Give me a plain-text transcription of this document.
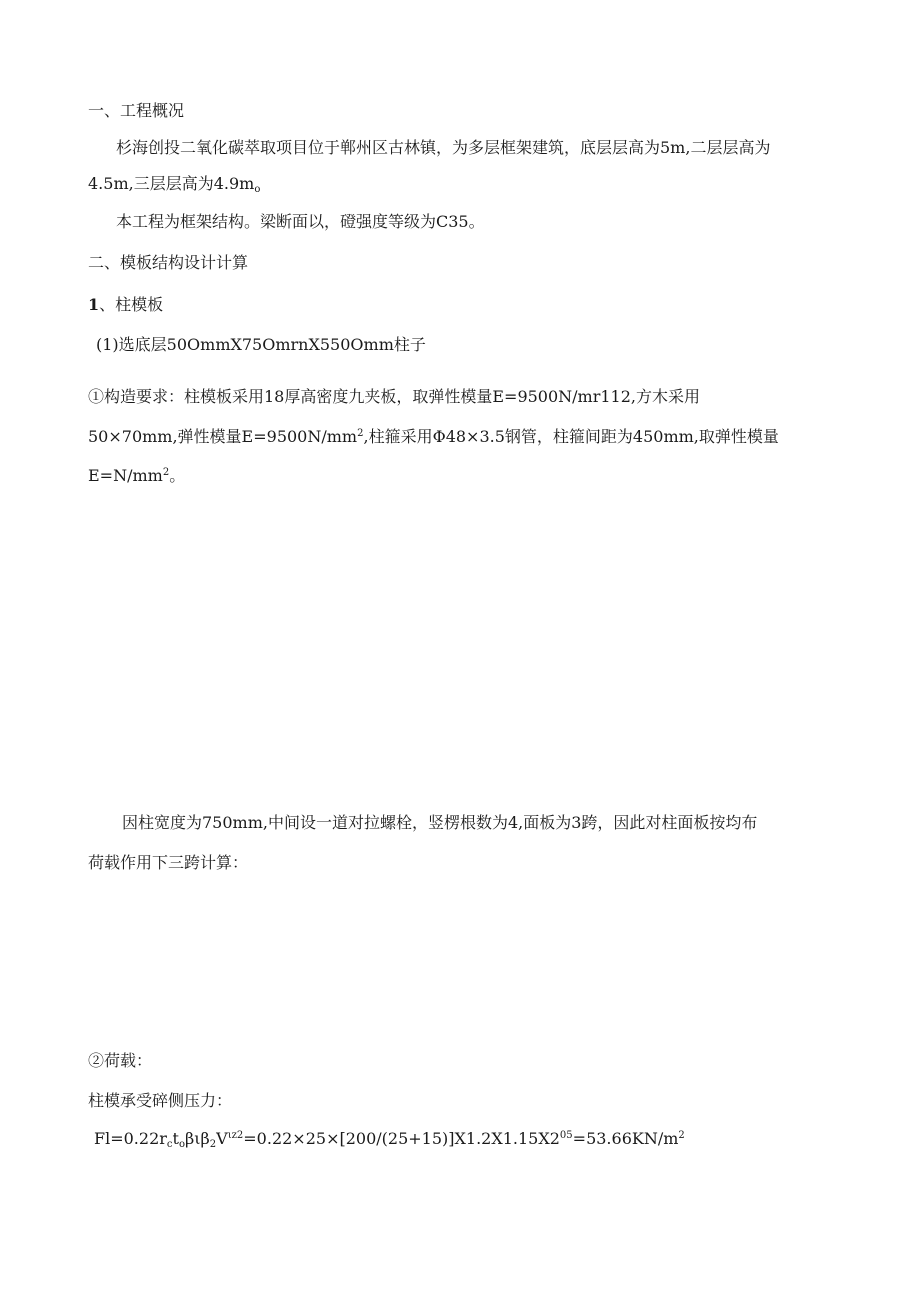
一、工程概况
杉海创投二氧化碳萃取项目位于郸州区古林镇，为多层框架建筑，底层层高为5m,二层层高为
4.5m,三层层高为$4.9m_o$
本工程为框架结构。梁断面以，磴强度等级为C35。
二、模板结构设计计算
1、柱模板
(1)选底层50OmmX75OmrnX550Omm柱子
①构造要求：柱模板采用18厚高密度九夹板，取弹性模量E=9500N∕mr112,方木采用
50×70mm,弹性模量$E=9500N∕mm^2$,柱箍采用Φ48×3.5钢管，柱箍间距为450mm,取弹性模量
$E=N/mm^2$。
因柱宽度为750mm,中间设一道对拉螺栓，竖楞根数为4,面板为3跨，因此对柱面板按均布
荷载作用下三跨计算：
②荷载：
柱模承受碎侧压力：
$Fl=0.22r_ct_o\beta\iota\beta_2V^{\iota z2}=0.22\times 25\times[200/(25+15)]X1.2X1.15X2^{05}=53.66KN∕m^2$
